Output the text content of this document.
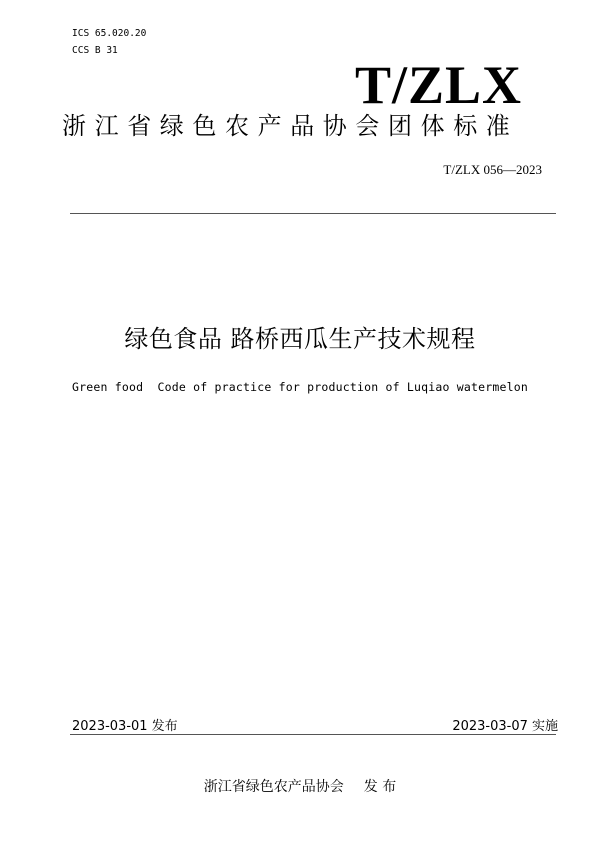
ICS 65.020.20
CCS B 31
T/ZLX
浙江省绿色农产品协会团体标准
T/ZLX 056—2023
绿色食品 路桥西瓜生产技术规程
Green food  Code of practice for production of Luqiao watermelon
2023-03-01 发布	2023-03-07 实施
浙江省绿色农产品协会 发 布
